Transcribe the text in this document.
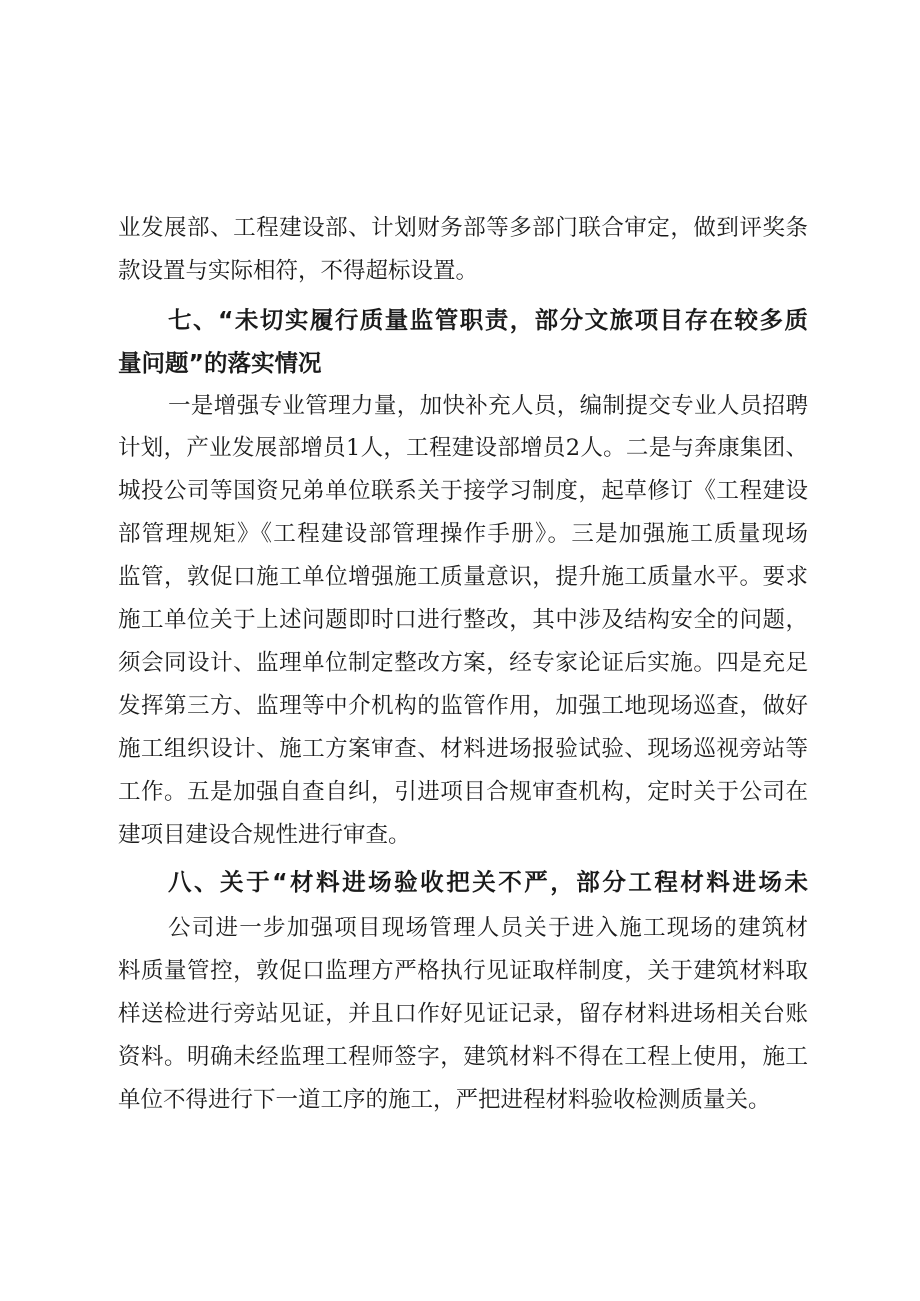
业发展部、工程建设部、计划财务部等多部门联合审定，做到评奖条
款设置与实际相符，不得超标设置。
七、“未切实履行质量监管职责，部分文旅项目存在较多质
量问题”的落实情况
一是增强专业管理力量，加快补充人员，编制提交专业人员招聘
计划，产业发展部增员1人，工程建设部增员2人。二是与奔康集团、
城投公司等国资兄弟单位联系关于接学习制度，起草修订《工程建设
部管理规矩》《工程建设部管理操作手册》。三是加强施工质量现场
监管，敦促口施工单位增强施工质量意识，提升施工质量水平。要求
施工单位关于上述问题即时口进行整改，其中涉及结构安全的问题，
须会同设计、监理单位制定整改方案，经专家论证后实施。四是充足
发挥第三方、监理等中介机构的监管作用，加强工地现场巡查，做好
施工组织设计、施工方案审查、材料进场报验试验、现场巡视旁站等
工作。五是加强自查自纠，引进项目合规审查机构，定时关于公司在
建项目建设合规性进行审查。
八、关于“材料进场验收把关不严，部分工程材料进场未
公司进一步加强项目现场管理人员关于进入施工现场的建筑材
料质量管控，敦促口监理方严格执行见证取样制度，关于建筑材料取
样送检进行旁站见证，并且口作好见证记录，留存材料进场相关台账
资料。明确未经监理工程师签字，建筑材料不得在工程上使用，施工
单位不得进行下一道工序的施工，严把进程材料验收检测质量关。
